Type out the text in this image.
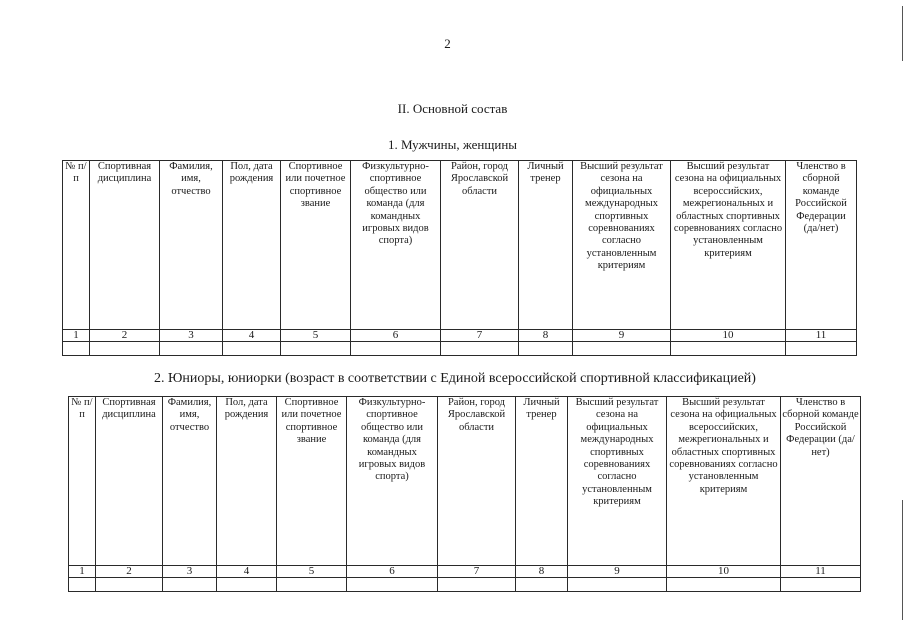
2
II. Основной состав
1. Мужчины, женщины
2. Юниоры, юниорки (возраст в соответствии с Единой всероссийской спортивной классификацией)
№ п/п	Спортивная дисциплина	Фамилия, имя, отчество	Пол, дата рождения	Спортивное или почетное спортивное звание	Физкультурно-спортивное общество или команда (для командных игровых видов спорта)	Район, город Ярославской области	Личный тренер	Высший результат сезона на официальных международных спортивных соревнованиях согласно установленным критериям	Высший результат сезона на официальных всероссийских, межрегиональных и областных спортивных соревнованиях согласно установленным критериям	Членство в сборной команде Российской Федерации (да/нет)
1	2	3	4	5	6	7	8	9	10	11

№ п/п	Спортивная дисциплина	Фамилия, имя, отчество	Пол, дата рождения	Спортивное или почетное спортивное звание	Физкультурно-спортивное общество или команда (для командных игровых видов спорта)	Район, город Ярославской области	Личный тренер	Высший результат сезона на официальных международных спортивных соревнованиях согласно установленным критериям	Высший результат сезона на официальных всероссийских, межрегиональных и областных спортивных соревнованиях согласно установленным критериям	Членство в сборной команде Российской Федерации (да/нет)
1	2	3	4	5	6	7	8	9	10	11
